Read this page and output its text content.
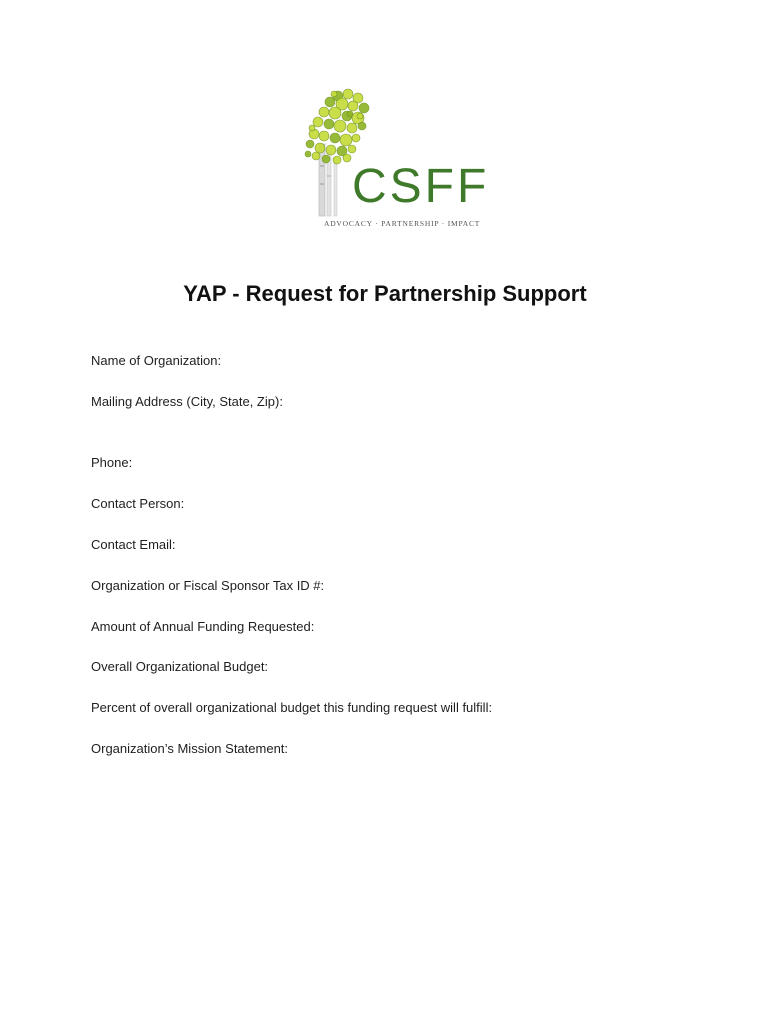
CSFF
ADVOCACY · PARTNERSHIP · IMPACT
YAP - Request for Partnership Support
Name of Organization:
Mailing Address (City, State, Zip):
Phone:
Contact Person:
Contact Email:
Organization or Fiscal Sponsor Tax ID #:
Amount of Annual Funding Requested:
Overall Organizational Budget:
Percent of overall organizational budget this funding request will fulfill:
Organization’s Mission Statement:
